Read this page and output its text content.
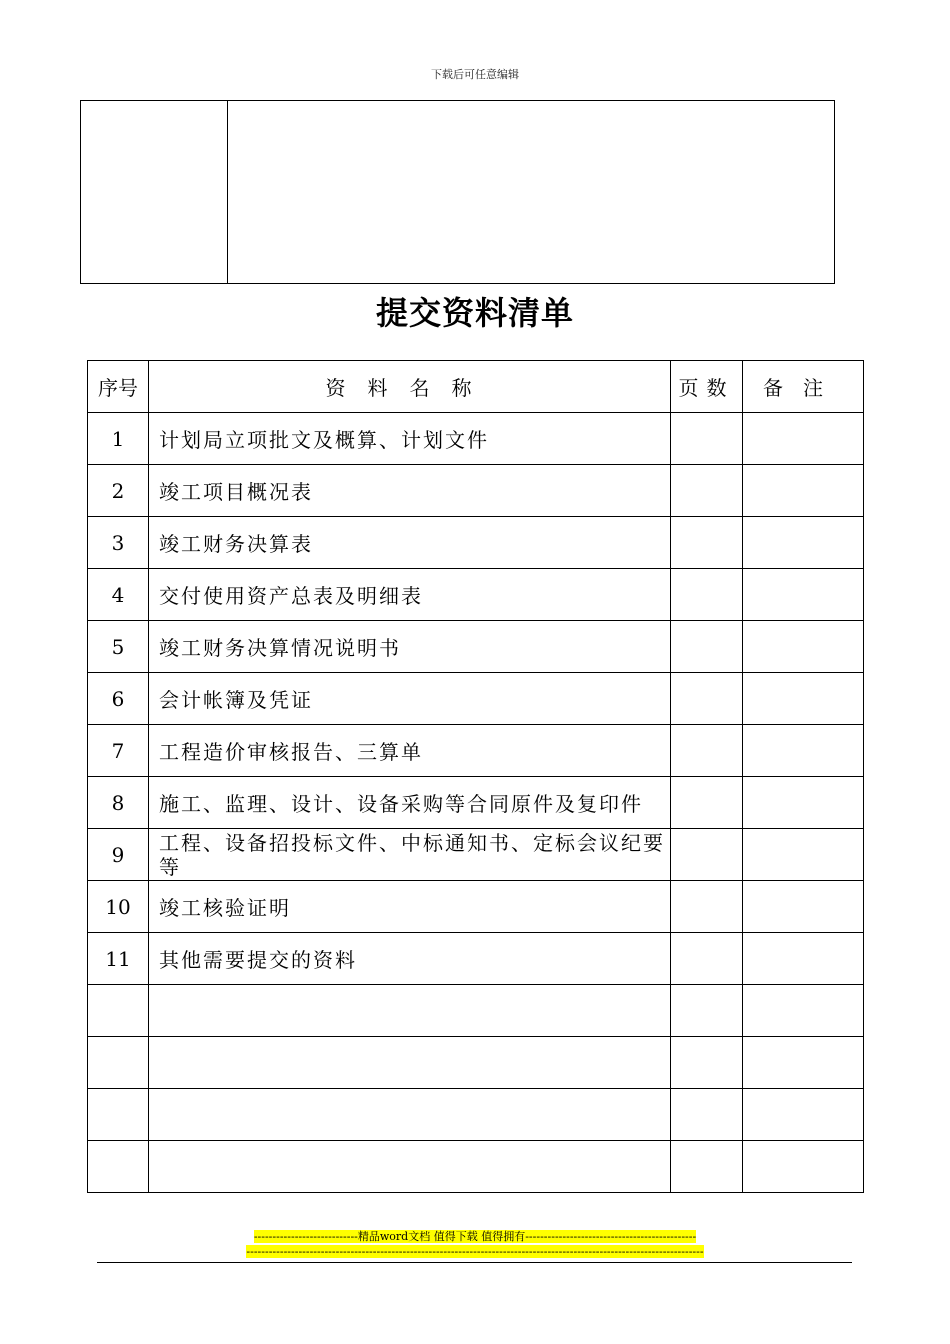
下载后可任意编辑
提交资料清单
序号	资料名称	页数	备注
1	计划局立项批文及概算、计划文件		
2	竣工项目概况表		
3	竣工财务决算表		
4	交付使用资产总表及明细表		
5	竣工财务决算情况说明书		
6	会计帐簿及凭证		
7	工程造价审核报告、三算单		
8	施工、监理、设计、设备采购等合同原件及复印件		
9	工程、设备招投标文件、中标通知书、定标会议纪要等		
10	竣工核验证明		
11	其他需要提交的资料		

----------------------------精品word文档 值得下载 值得拥有----------------------------------------------
---------------------------------------------------------------------------------------------------------------------------
